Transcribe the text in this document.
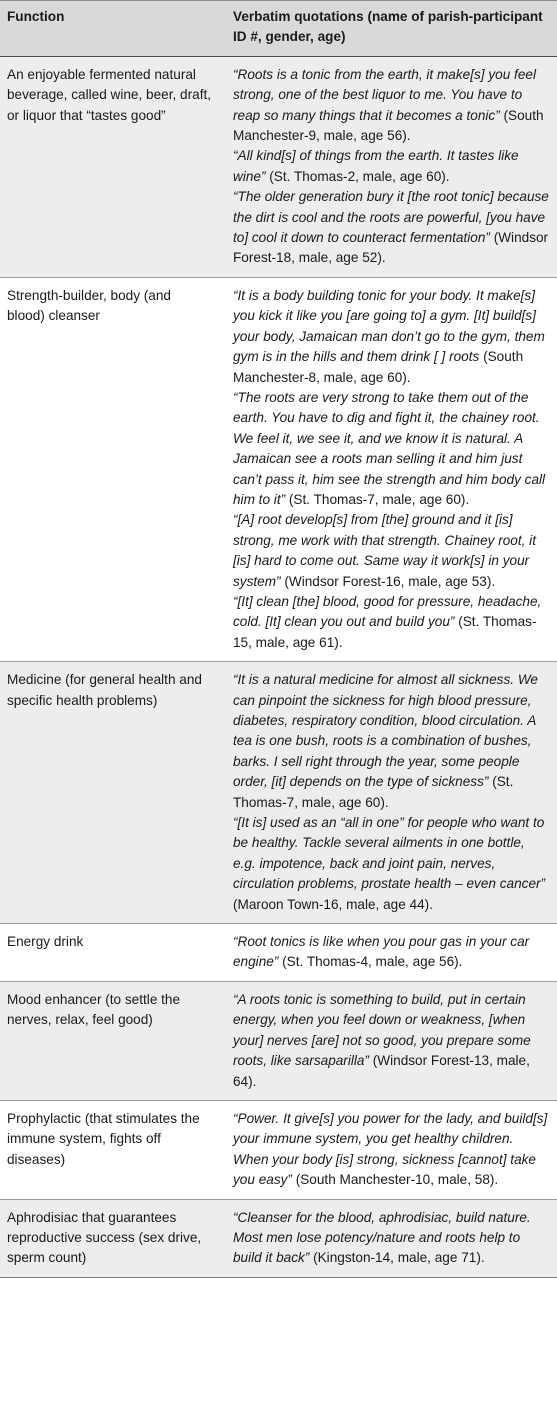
Function	Verbatim quotations (name of parish-participant ID #, gender, age)
An enjoyable fermented natural beverage, called wine, beer, draft, or liquor that “tastes good”	“Roots is a tonic from the earth, it make[s] you feel strong, one of the best liquor to me. You have to reap so many things that it becomes a tonic” (South Manchester-9, male, age 56).
“All kind[s] of things from the earth. It tastes like wine” (St. Thomas-2, male, age 60).
“The older generation bury it [the root tonic] because the dirt is cool and the roots are powerful, [you have to] cool it down to counteract fermentation” (Windsor Forest-18, male, age 52).

Strength-builder, body (and blood) cleanser	“It is a body building tonic for your body. It make[s] you kick it like you [are going to] a gym. [It] build[s] your body, Jamaican man don’t go to the gym, them gym is in the hills and them drink [ ] roots (South Manchester-8, male, age 60).
“The roots are very strong to take them out of the earth. You have to dig and fight it, the chainey root. We feel it, we see it, and we know it is natural. A Jamaican see a roots man selling it and him just can’t pass it, him see the strength and him body call him to it” (St. Thomas-7, male, age 60).
“[A] root develop[s] from [the] ground and it [is] strong, me work with that strength. Chainey root, it [is] hard to come out. Same way it work[s] in your system” (Windsor Forest-16, male, age 53).
“[It] clean [the] blood, good for pressure, headache, cold. [It] clean you out and build you” (St. Thomas-15, male, age 61).

Medicine (for general health and specific health problems)	“It is a natural medicine for almost all sickness. We can pinpoint the sickness for high blood pressure, diabetes, respiratory condition, blood circulation. A tea is one bush, roots is a combination of bushes, barks. I sell right through the year, some people order, [it] depends on the type of sickness” (St. Thomas-7, male, age 60).
“[It is] used as an “all in one” for people who want to be healthy. Tackle several ailments in one bottle, e.g. impotence, back and joint pain, nerves, circulation problems, prostate health – even cancer” (Maroon Town-16, male, age 44).

Energy drink	“Root tonics is like when you pour gas in your car engine” (St. Thomas-4, male, age 56).

Mood enhancer (to settle the nerves, relax, feel good)	“A roots tonic is something to build, put in certain energy, when you feel down or weakness, [when your] nerves [are] not so good, you prepare some roots, like sarsaparilla” (Windsor Forest-13, male, 64).

Prophylactic (that stimulates the immune system, fights off diseases)	“Power. It give[s] you power for the lady, and build[s] your immune system, you get healthy children. When your body [is] strong, sickness [cannot] take you easy” (South Manchester-10, male, 58).

Aphrodisiac that guarantees reproductive success (sex drive, sperm count)	“Cleanser for the blood, aphrodisiac, build nature. Most men lose potency/nature and roots help to build it back” (Kingston-14, male, age 71).
